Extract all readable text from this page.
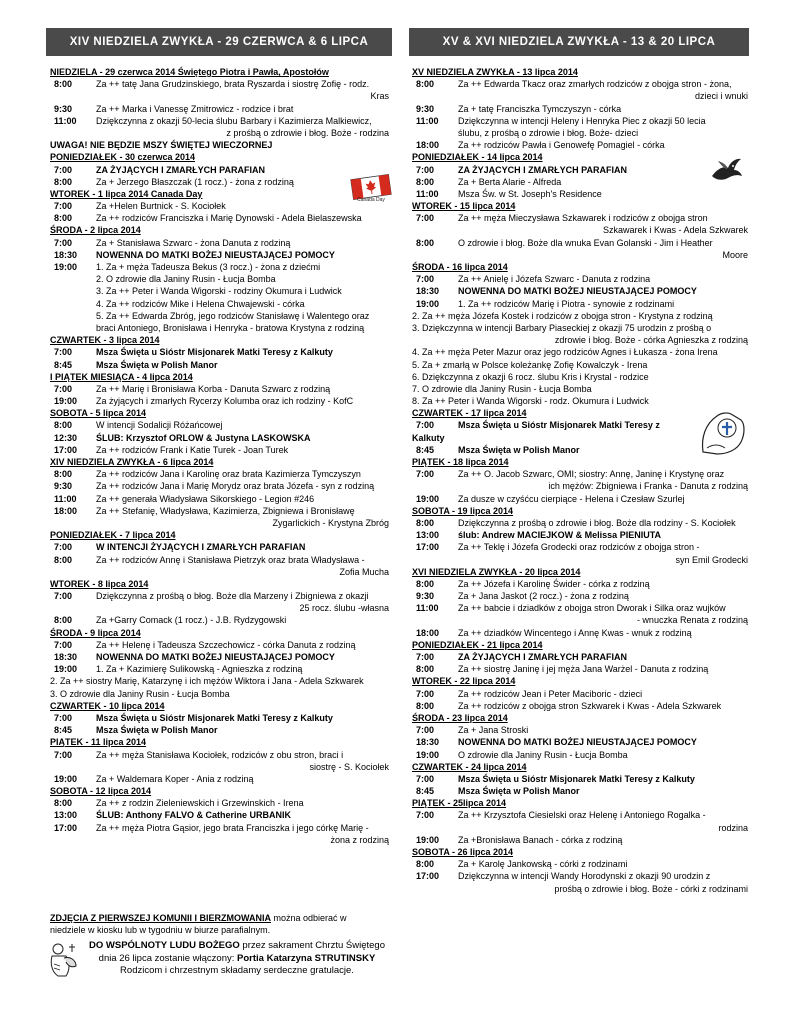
XIV NIEDZIELA ZWYKŁA - 29 CZERWCA & 6 LIPCA	XV & XVI NIEDZIELA ZWYKŁA - 13 & 20 LIPCA
NIEDZIELA - 29 czerwca 2014 Świętego Piotra i Pawła, Apostołów
8:00	Za ++ tatę Jana Grudzinskiego, brata Ryszarda i siostrę Zofię - rodz.
Kras
9:30	Za ++ Marka i Vanessę Zmitrowicz - rodzice i brat
11:00	Dziękczynna z okazji 50-lecia ślubu Barbary i Kazimierza Malkiewicz,
z prośbą o zdrowie i błog. Boże - rodzina
UWAGA! NIE BĘDZIE MSZY ŚWIĘTEJ WIECZORNEJ
PONIEDZIAŁEK - 30 czerwca 2014
7:00	ZA ŻYJĄCYCH I ZMARŁYCH PARAFIAN
8:00	Za + Jerzego Błaszczak (1 rocz.) - żona z rodziną
WTOREK - 1 lipca 2014 Canada Day
7:00	Za +Helen Burtnick - S. Kociołek
8:00	Za ++ rodziców Franciszka i Marię Dynowski - Adela Bielaszewska
ŚRODA - 2 lipca 2014
7:00	Za + Stanisława Szwarc - żona Danuta z rodziną
18:30	NOWENNA DO MATKI BOŻEJ NIEUSTAJĄCEJ POMOCY
19:00	1. Za + męża Tadeusza Bekus (3 rocz.) - żona z dziećmi
2. O zdrowie dla Janiny Rusin - Łucja Bomba
3. Za ++ Peter i Wanda Wigorski - rodziny Okumura i Ludwick
4. Za ++ rodziców Mike i Helena Chwajewski - córka
5. Za ++ Edwarda Zbróg, jego rodziców Stanisławę i Walentego oraz
braci Antoniego, Bronisława i Henryka - bratowa Krystyna z rodziną
CZWARTEK - 3 lipca 2014
7:00	Msza Święta u Sióstr Misjonarek Matki Teresy z Kalkuty
8:45	Msza Święta w Polish Manor
I PIĄTEK MIESIĄCA - 4 lipca 2014
7:00	Za ++ Marię i Bronisława Korba - Danuta Szwarc z rodziną
19:00	Za żyjących i zmarłych Rycerzy Kolumba oraz ich rodziny - KofC
SOBOTA - 5 lipca 2014
8:00	W intencji Sodalicji Różańcowej
12:30	ŚLUB: Krzysztof ORLOW & Justyna LASKOWSKA
17:00	Za ++ rodziców Frank i Katie Turek - Joan Turek
XIV NIEDZIELA ZWYKŁA - 6 lipca 2014
8:00	Za ++ rodziców Jana i Karolinę oraz brata Kazimierza Tymczyszyn
9:30	Za ++ rodziców Jana i Marię Morydz oraz brata Józefa - syn z rodziną
11:00	Za ++ generała Władysława Sikorskiego - Legion #246
18:00	Za ++ Stefanię, Władysława, Kazimierza, Zbigniewa i Bronisławę
Zygarlickich - Krystyna Zbróg
PONIEDZIAŁEK - 7 lipca 2014
7:00	W INTENCJI ŻYJĄCYCH I ZMARŁYCH PARAFIAN
8:00	Za ++ rodziców Annę i Stanisława Pietrzyk oraz brata Władysława -
Zofia Mucha
WTOREK - 8 lipca 2014
7:00	Dziękczynna z prośbą o błog. Boże dla Marzeny i Zbigniewa z okazji
25 rocz. ślubu -własna
8:00	Za +Garry Comack (1 rocz.) - J.B. Rydzygowski
ŚRODA - 9 lipca 2014
7:00	Za ++ Helenę i Tadeusza Szczechowicz - córka Danuta z rodziną
18:30	NOWENNA DO MATKI BOŻEJ NIEUSTAJĄCEJ POMOCY
19:00	1. Za + Kazimierę Sulikowską - Agnieszka z rodziną
2. Za ++ siostry Marię, Katarzynę i ich mężów Wiktora i Jana - Adela Szkwarek
3. O zdrowie dla Janiny Rusin - Łucja Bomba
CZWARTEK - 10 lipca 2014
7:00	Msza Święta u Sióstr Misjonarek Matki Teresy z Kalkuty
8:45	Msza Święta w Polish Manor
PIĄTEK - 11 lipca 2014
7:00	Za ++ męża Stanisława Kociołek, rodziców z obu stron, braci i
siostrę - S. Kociołek
19:00	Za + Waldemara Koper - Ania z rodziną
SOBOTA - 12 lipca 2014
8:00	Za ++ z rodzin Zieleniewskich i Grzewinskich - Irena
13:00	ŚLUB: Anthony FALVO & Catherine URBANIK
17:00	Za ++ męża Piotra Gąsior, jego brata Franciszka i jego córkę Marię -
żona z rodziną
XV NIEDZIELA ZWYKŁA - 13 lipca 2014
8:00	Za ++ Edwarda Tkacz oraz zmarłych rodziców z obojga stron - żona,
dzieci i wnuki
9:30	Za + tatę Franciszka Tymczyszyn - córka
11:00	Dziękczynna w intencji Heleny i Henryka Piec z okazji 50 lecia
ślubu, z prośbą o zdrowie i błog. Boże- dzieci
18:00	Za ++ rodziców Pawła i Genowefę Pomagiel - córka
PONIEDZIAŁEK - 14 lipca 2014
7:00	ZA ŻYJĄCYCH I ZMARŁYCH PARAFIAN
8:00	Za + Berta Alarie - Alfreda
11:00	Msza Św. w St. Joseph's Residence
WTOREK - 15 lipca 2014
7:00	Za ++ męża Mieczysława Szkawarek i rodziców z obojga stron
Szkawarek i Kwas - Adela Szkwarek
8:00	O zdrowie i błog. Boże dla wnuka Evan Golanski - Jim i Heather
Moore
ŚRODA - 16 lipca 2014
7:00	Za ++ Anielę i Józefa Szwarc - Danuta z rodzina
18:30	NOWENNA DO MATKI BOŻEJ NIEUSTAJĄCEJ POMOCY
19:00	1. Za ++ rodziców Marię i Piotra - synowie z rodzinami
2. Za ++ męża Józefa Kostek i rodziców z obojga stron - Krystyna z rodziną
3. Dziękczynna w intencji Barbary Piaseckiej z okazji 75 urodzin z prośbą o
zdrowie i błog. Boże - córka Agnieszka z rodziną
4. Za ++ męża Peter Mazur oraz jego rodziców Agnes i Łukasza - żona Irena
5. Za + zmarłą w Polsce koleżankę Zofię Kowalczyk - Irena
6. Dziękczynna z okazji 6 rocz. ślubu Kris i Krystal - rodzice
7. O zdrowie dla Janiny Rusin - Łucja Bomba
8. Za ++ Peter i Wanda Wigorski - rodz. Okumura i Ludwick
CZWARTEK - 17 lipca 2014
7:00	Msza Święta u Sióstr Misjonarek Matki Teresy z
Kalkuty
8:45	Msza Święta w Polish Manor
PIĄTEK - 18 lipca 2014
7:00	Za ++ O. Jacob Szwarc, OMI; siostry: Annę, Janinę i Krystynę oraz
ich mężów: Zbigniewa i Franka - Danuta z rodziną
19:00	Za dusze w czyśćcu cierpiące - Helena i Czesław Szurlej
SOBOTA - 19 lipca 2014
8:00	Dziękczynna z prośbą o zdrowie i błog. Boże dla rodziny - S. Kociołek
13:00	ślub: Andrew MACIEJKOW & Melissa PIENIUTA
17:00	Za ++ Teklę i Józefa Grodecki oraz rodziców z obojga stron -
syn Emil Grodecki
XVI NIEDZIELA ZWYKŁA - 20 lipca 2014
8:00	Za ++ Józefa i Karolinę Świder - córka z rodziną
9:30	Za + Jana Jaskot (2 rocz.) - żona z rodziną
11:00	Za ++ babcie i dziadków z obojga stron Dworak i Silka oraz wujków
- wnuczka Renata z rodziną
18:00	Za ++ dziadków Wincentego i Annę Kwas - wnuk z rodziną
PONIEDZIAŁEK - 21 lipca 2014
7:00	ZA ŻYJĄCYCH I ZMARŁYCH PARAFIAN
8:00	Za ++ siostrę Janinę i jej męża Jana Warżel - Danuta z rodziną
WTOREK - 22 lipca 2014
7:00	Za ++ rodziców Jean i Peter Maciboric - dzieci
8:00	Za ++ rodziców z obojga stron Szkwarek i Kwas - Adela Szkwarek
ŚRODA - 23 lipca 2014
7:00	Za + Jana Stroski
18:30	NOWENNA DO MATKI BOŻEJ NIEUSTAJĄCEJ POMOCY
19:00	O zdrowie dla Janiny Rusin - Łucja Bomba
CZWARTEK - 24 lipca 2014
7:00	Msza Święta u Sióstr Misjonarek Matki Teresy z Kalkuty
8:45	Msza Święta w Polish Manor
PIĄTEK - 25lipca 2014
7:00	Za ++ Krzysztofa Ciesielski oraz Helenę i Antoniego Rogalka -
rodzina
19:00	Za +Bronisława Banach - córka z rodziną
SOBOTA - 26 lipca 2014
8:00	Za + Karolę Jankowską - córki z rodzinami
17:00	Dziękczynna w intencji Wandy Horodynski z okazji 90 urodzin z
prośbą o zdrowie i błog. Boże - córki z rodzinami
ZDJĘCIA Z PIERWSZEJ KOMUNII I BIERZMOWANIA można odbierać w
niedziele w kiosku lub w tygodniu w biurze parafialnym.
DO WSPÓLNOTY LUDU BOŻEGO przez sakrament Chrztu Świętego
dnia 26 lipca zostanie włączony: Portia Katarzyna STRUTINSKY
Rodzicom i chrzestnym składamy serdeczne gratulacje.
Canada Day
